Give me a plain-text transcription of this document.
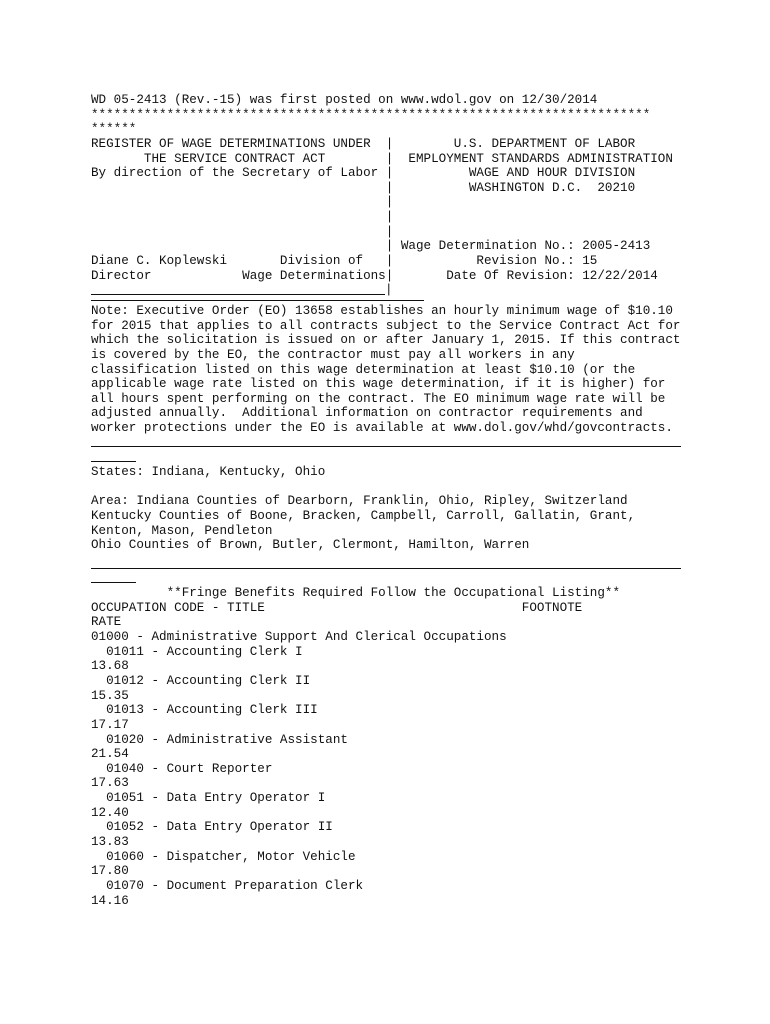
WD 05-2413 (Rev.-15) was first posted on www.wdol.gov on 12/30/2014
**************************************************************************
******
REGISTER OF WAGE DETERMINATIONS UNDER  |        U.S. DEPARTMENT OF LABOR
THE SERVICE CONTRACT ACT        |  EMPLOYMENT STANDARDS ADMINISTRATION
By direction of the Secretary of Labor |          WAGE AND HOUR DIVISION
|          WASHINGTON D.C.  20210
|
|
|
| Wage Determination No.: 2005-2413
Diane C. Koplewski       Division of   |           Revision No.: 15
Director            Wage Determinations|       Date Of Revision: 12/22/2014

|

Note: Executive Order (EO) 13658 establishes an hourly minimum wage of $10.10
for 2015 that applies to all contracts subject to the Service Contract Act for
which the solicitation is issued on or after January 1, 2015. If this contract
is covered by the EO, the contractor must pay all workers in any
classification listed on this wage determination at least $10.10 (or the
applicable wage rate listed on this wage determination, if it is higher) for
all hours spent performing on the contract. The EO minimum wage rate will be
adjusted annually.  Additional information on contractor requirements and
worker protections under the EO is available at www.dol.gov/whd/govcontracts.
States: Indiana, Kentucky, Ohio
Area: Indiana Counties of Dearborn, Franklin, Ohio, Ripley, Switzerland
Kentucky Counties of Boone, Bracken, Campbell, Carroll, Gallatin, Grant,
Kenton, Mason, Pendleton
Ohio Counties of Brown, Butler, Clermont, Hamilton, Warren
**Fringe Benefits Required Follow the Occupational Listing**
OCCUPATION CODE - TITLE                                  FOOTNOTE
RATE
01000 - Administrative Support And Clerical Occupations
01011 - Accounting Clerk I
13.68
01012 - Accounting Clerk II
15.35
01013 - Accounting Clerk III
17.17
01020 - Administrative Assistant
21.54
01040 - Court Reporter
17.63
01051 - Data Entry Operator I
12.40
01052 - Data Entry Operator II
13.83
01060 - Dispatcher, Motor Vehicle
17.80
01070 - Document Preparation Clerk
14.16
